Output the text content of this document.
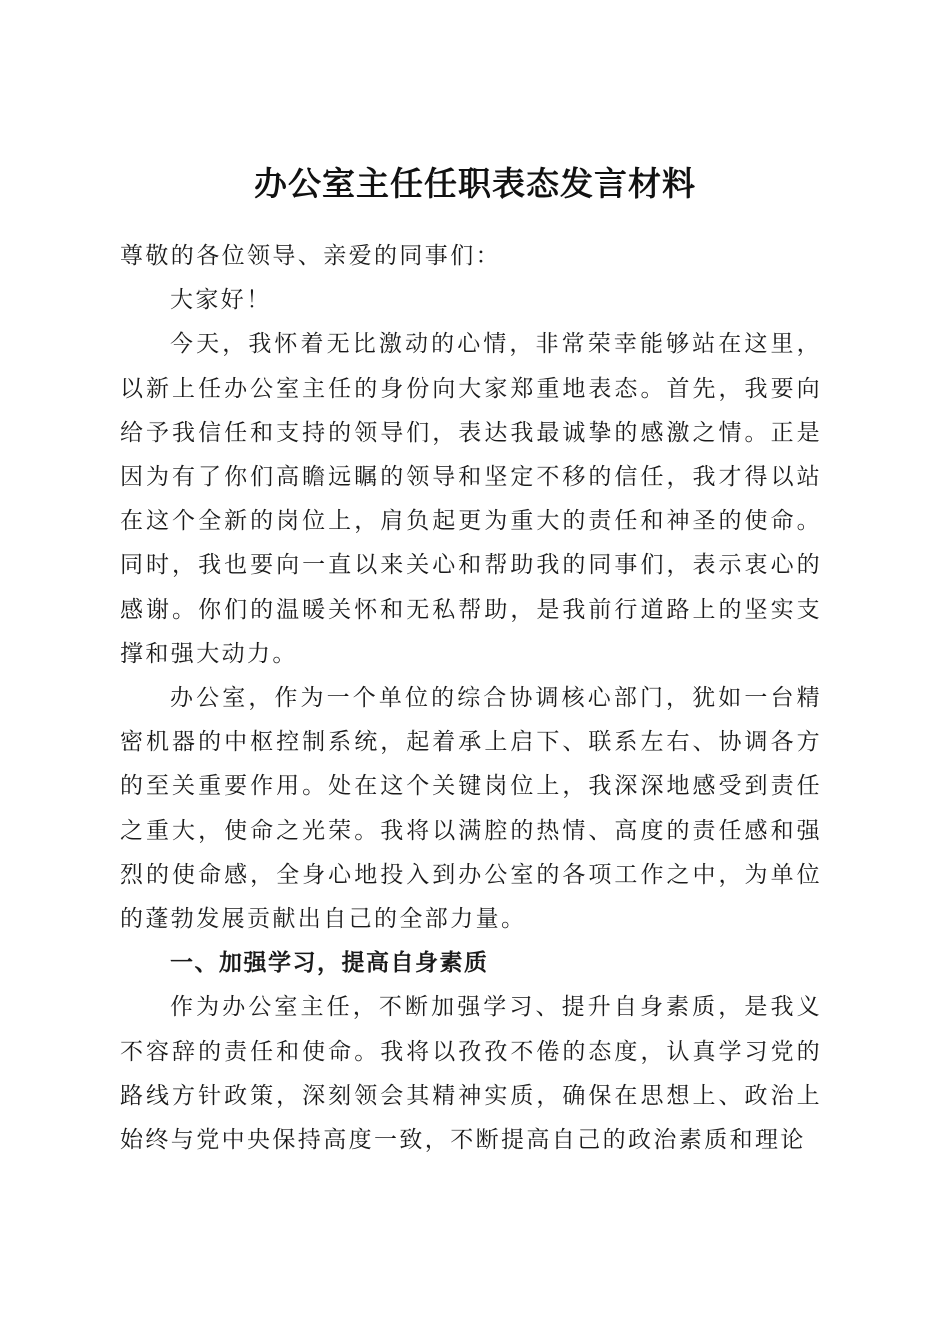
办公室主任任职表态发言材料

尊敬的各位领导、亲爱的同事们：

大家好！

今天，我怀着无比激动的心情，非常荣幸能够站在这里，以新上任办公室主任的身份向大家郑重地表态。首先，我要向给予我信任和支持的领导们，表达我最诚挚的感激之情。正是因为有了你们高瞻远瞩的领导和坚定不移的信任，我才得以站在这个全新的岗位上，肩负起更为重大的责任和神圣的使命。同时，我也要向一直以来关心和帮助我的同事们，表示衷心的感谢。你们的温暖关怀和无私帮助，是我前行道路上的坚实支撑和强大动力。

办公室，作为一个单位的综合协调核心部门，犹如一台精密机器的中枢控制系统，起着承上启下、联系左右、协调各方的至关重要作用。处在这个关键岗位上，我深深地感受到责任之重大，使命之光荣。我将以满腔的热情、高度的责任感和强烈的使命感，全身心地投入到办公室的各项工作之中，为单位的蓬勃发展贡献出自己的全部力量。

一、加强学习，提高自身素质

作为办公室主任，不断加强学习、提升自身素质，是我义不容辞的责任和使命。我将以孜孜不倦的态度，认真学习党的路线方针政策，深刻领会其精神实质，确保在思想上、政治上始终与党中央保持高度一致，不断提高自己的政治素质和理论
